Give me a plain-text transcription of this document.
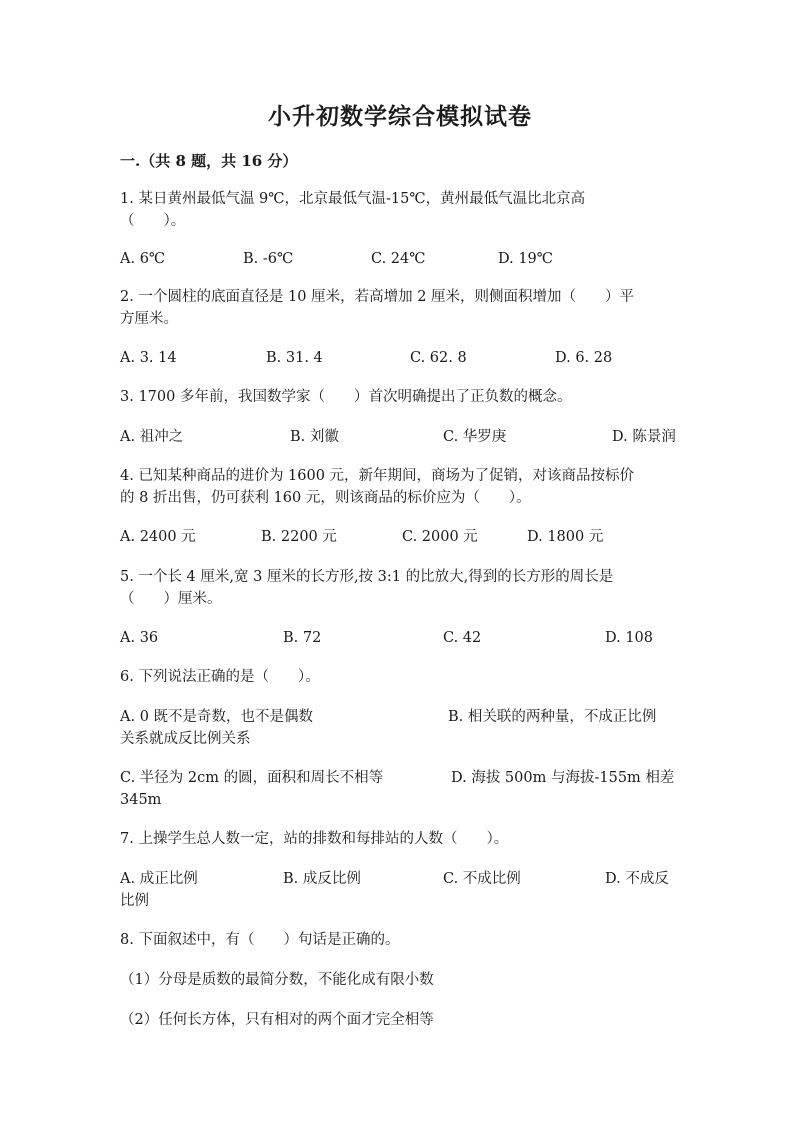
小升初数学综合模拟试卷
一.（共 8 题，共 16 分）
1. 某日黄州最低气温 9℃，北京最低气温-15℃，黄州最低气温比北京高
（　　）。
A. 6℃	B. -6℃	C. 24℃	D. 19℃
2. 一个圆柱的底面直径是 10 厘米，若高增加 2 厘米，则侧面积增加（　　）平
方厘米。
A. 3. 14	B. 31. 4	C. 62. 8	D. 6. 28
3. 1700 多年前，我国数学家（　　）首次明确提出了正负数的概念。
A. 祖冲之	B. 刘徽	C. 华罗庚	D. 陈景润
4. 已知某种商品的进价为 1600 元，新年期间，商场为了促销，对该商品按标价
的 8 折出售，仍可获利 160 元，则该商品的标价应为（　　）。
A. 2400 元	B. 2200 元	C. 2000 元	D. 1800 元
5. 一个长 4 厘米,宽 3 厘米的长方形,按 3:1 的比放大,得到的长方形的周长是
（　　）厘米。
A. 36	B. 72	C. 42	D. 108
6. 下列说法正确的是（　　）。
A. 0 既不是奇数，也不是偶数	B. 相关联的两种量，不成正比例
关系就成反比例关系
C. 半径为 2cm 的圆，面积和周长不相等	D. 海拔 500m 与海拔-155m 相差
345m
7. 上操学生总人数一定，站的排数和每排站的人数（　　）。
A. 成正比例	B. 成反比例	C. 不成比例	D. 不成反
比例
8. 下面叙述中，有（　　）句话是正确的。
（1）分母是质数的最简分数，不能化成有限小数
（2）任何长方体，只有相对的两个面才完全相等
